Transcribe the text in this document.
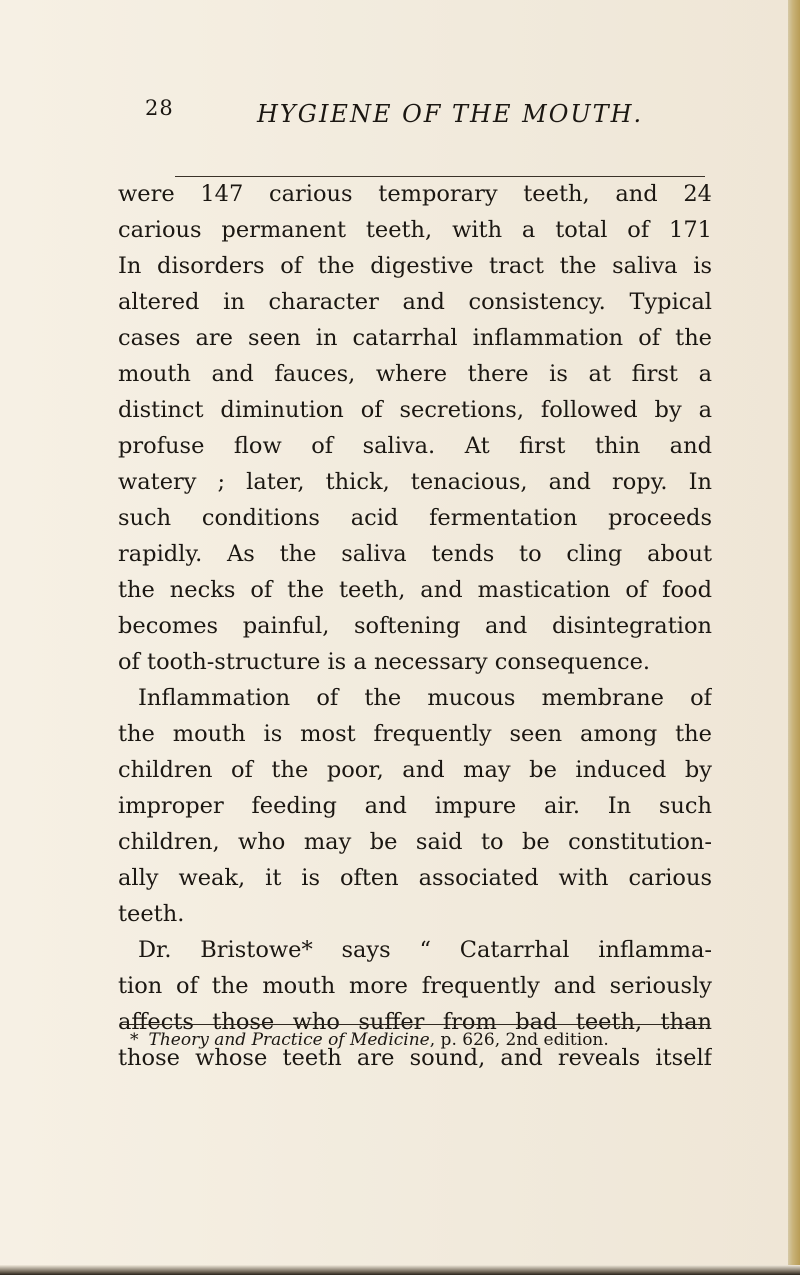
28	HYGIENE OF THE MOUTH.
were 147 carious temporary teeth, and 24
carious permanent teeth, with a total of 171
In disorders of the digestive tract the saliva is
altered in character and consistency. Typical
cases are seen in catarrhal inflammation of the
mouth and fauces, where there is at first a
distinct diminution of secretions, followed by a
profuse flow of saliva. At first thin and
watery ; later, thick, tenacious, and ropy. In
such conditions acid fermentation proceeds
rapidly. As the saliva tends to cling about
the necks of the teeth, and mastication of food
becomes painful, softening and disintegration
of tooth-structure is a necessary consequence.
Inflammation of the mucous membrane of
the mouth is most frequently seen among the
children of the poor, and may be induced by
improper feeding and impure air. In such
children, who may be said to be constitution-
ally weak, it is often associated with carious
teeth.
Dr. Bristowe* says “ Catarrhal inflamma-
tion of the mouth more frequently and seriously
affects those who suffer from bad teeth, than
those whose teeth are sound, and reveals itself
* Theory and Practice of Medicine, p. 626, 2nd edition.
